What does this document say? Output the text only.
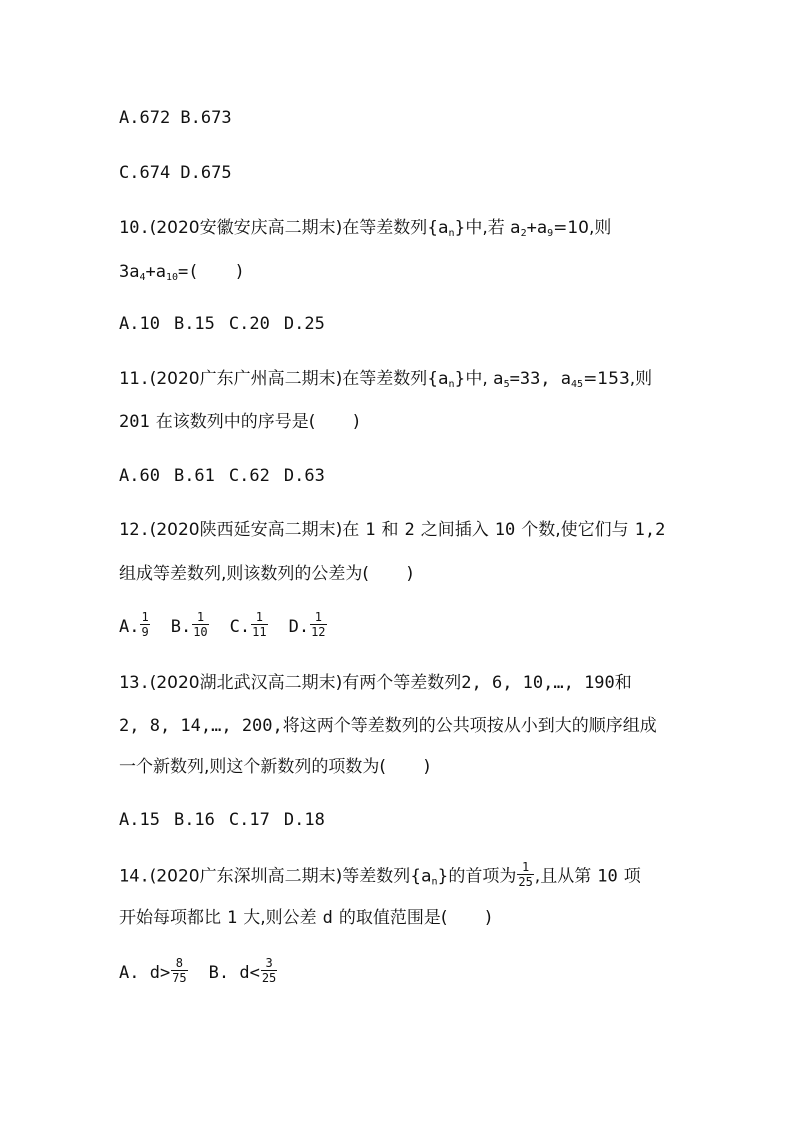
A.672 B.673
C.674 D.675
10.(2020安徽安庆高二期末)在等差数列$\{a_n\}$中,若 $a_2+a_9=10$,则
$3a_4+a_{10}=$( )
A.10 B.15 C.20 D.25
11.(2020广东广州高二期末)在等差数列$\{a_n\}$中, $a_5=33$, $a_{45}=153$,则
201 在该数列中的序号是( )
A.60 B.61 C.62 D.63
12.(2020陕西延安高二期末)在 1 和 2 之间插入 10 个数,使它们与 1,2
组成等差数列,则该数列的公差为( )
A. $\frac{1}{9} B$. $\frac{1}{10} C$. $\frac{1}{11} D$. $\frac{1}{12}$
13.(2020湖北武汉高二期末)有两个等差数列2, 6, 10,…, 190和
2, 8, 14,…, 200,将这两个等差数列的公共项按从小到大的顺序组成
一个新数列,则这个新数列的项数为( )
A.15 B.16 C.17 D.18
14.(2020广东深圳高二期末)等差数列$\{a_n\}$的首项为 $\frac{1}{25}$ ,且从第 10 项
开始每项都比 1 大,则公差 d 的取值范围是( )
A. $d> \frac{8}{75} B$. $d< \frac{3}{25}$
